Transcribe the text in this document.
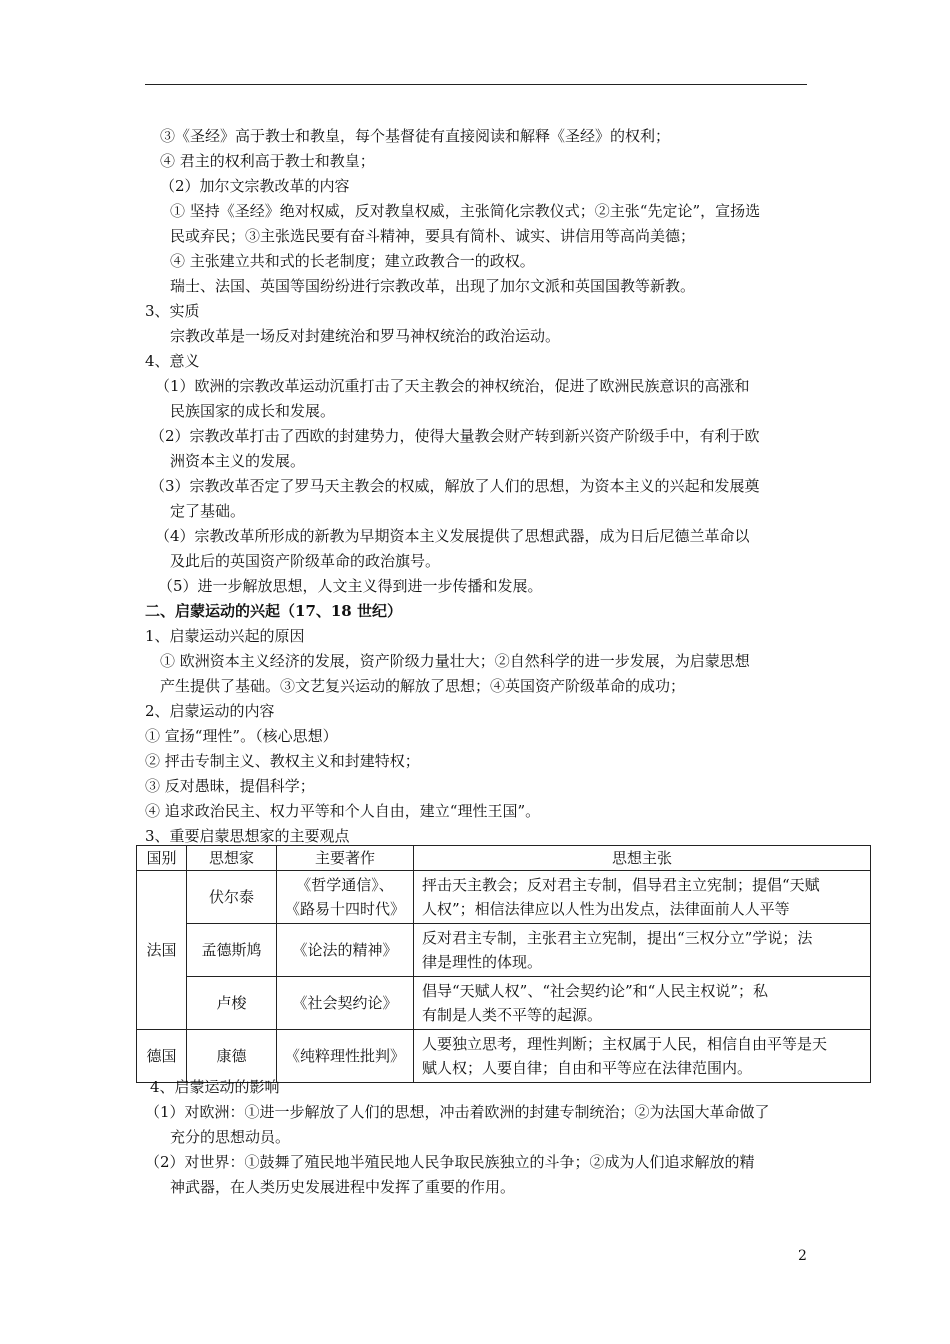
③《圣经》高于教士和教皇，每个基督徒有直接阅读和解释《圣经》的权利；
④ 君主的权利高于教士和教皇；
（2）加尔文宗教改革的内容
① 坚持《圣经》绝对权威，反对教皇权威，主张简化宗教仪式；②主张“先定论”，宣扬选
民或弃民；③主张选民要有奋斗精神，要具有简朴、诚实、讲信用等高尚美德；
④ 主张建立共和式的长老制度；建立政教合一的政权。
瑞士、法国、英国等国纷纷进行宗教改革，出现了加尔文派和英国国教等新教。
3、实质
宗教改革是一场反对封建统治和罗马神权统治的政治运动。
4、意义
（1）欧洲的宗教改革运动沉重打击了天主教会的神权统治，促进了欧洲民族意识的高涨和
民族国家的成长和发展。
（2）宗教改革打击了西欧的封建势力，使得大量教会财产转到新兴资产阶级手中，有利于欧
洲资本主义的发展。
（3）宗教改革否定了罗马天主教会的权威，解放了人们的思想，为资本主义的兴起和发展奠
定了基础。
（4）宗教改革所形成的新教为早期资本主义发展提供了思想武器，成为日后尼德兰革命以
及此后的英国资产阶级革命的政治旗号。
（5）进一步解放思想，人文主义得到进一步传播和发展。
二、启蒙运动的兴起（17、18 世纪）
1、启蒙运动兴起的原因
① 欧洲资本主义经济的发展，资产阶级力量壮大；②自然科学的进一步发展，为启蒙思想
产生提供了基础。③文艺复兴运动的解放了思想；④英国资产阶级革命的成功；
2、启蒙运动的内容
① 宣扬“理性”。（核心思想）
② 抨击专制主义、教权主义和封建特权；
③ 反对愚昧，提倡科学；
④ 追求政治民主、权力平等和个人自由，建立“理性王国”。
3、重要启蒙思想家的主要观点
国别	思想家	主要著作	思想主张
法国	伏尔泰	《哲学通信》、
《路易十四时代》	抨击天主教会；反对君主专制，倡导君主立宪制；提倡“天赋
人权”；相信法律应以人性为出发点，法律面前人人平等
	孟德斯鸠	《论法的精神》	反对君主专制，主张君主立宪制，提出“三权分立”学说；法
律是理性的体现。
	卢梭	《社会契约论》	倡导“天赋人权”、“社会契约论”和“人民主权说”；私
有制是人类不平等的起源。
德国	康德	《纯粹理性批判》	人要独立思考，理性判断；主权属于人民，相信自由平等是天
赋人权；人要自律；自由和平等应在法律范围内。
4、启蒙运动的影响
（1）对欧洲：①进一步解放了人们的思想，冲击着欧洲的封建专制统治；②为法国大革命做了
充分的思想动员。
（2）对世界：①鼓舞了殖民地半殖民地人民争取民族独立的斗争；②成为人们追求解放的精
神武器，在人类历史发展进程中发挥了重要的作用。
2
